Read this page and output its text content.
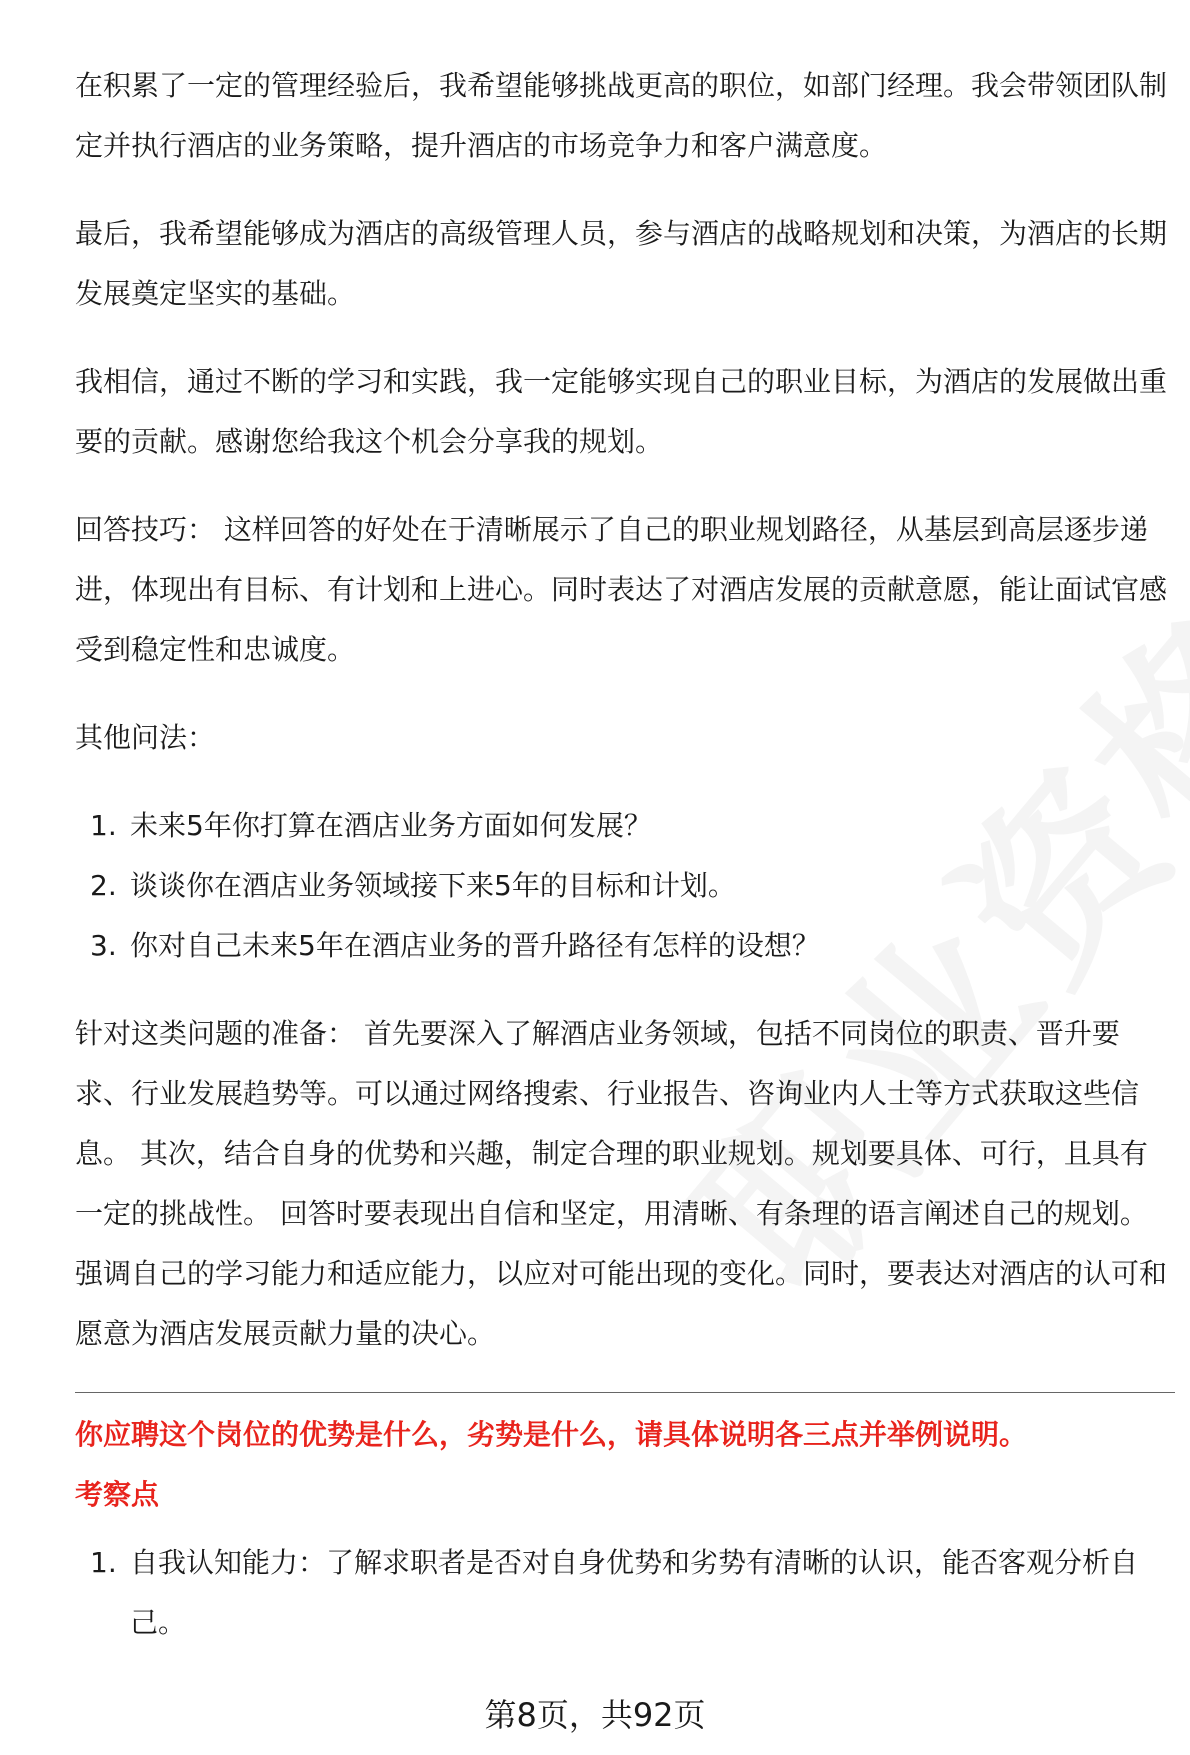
在积累了一定的管理经验后，我希望能够挑战更高的职位，如部门经理。我会带领团队制定并执行酒店的业务策略，提升酒店的市场竞争力和客户满意度。

最后，我希望能够成为酒店的高级管理人员，参与酒店的战略规划和决策，为酒店的长期发展奠定坚实的基础。

我相信，通过不断的学习和实践，我一定能够实现自己的职业目标，为酒店的发展做出重要的贡献。感谢您给我这个机会分享我的规划。

回答技巧： 这样回答的好处在于清晰展示了自己的职业规划路径，从基层到高层逐步递进，体现出有目标、有计划和上进心。同时表达了对酒店发展的贡献意愿，能让面试官感受到稳定性和忠诚度。

其他问法：

1. 未来5年你打算在酒店业务方面如何发展？
2. 谈谈你在酒店业务领域接下来5年的目标和计划。
3. 你对自己未来5年在酒店业务的晋升路径有怎样的设想？

针对这类问题的准备： 首先要深入了解酒店业务领域，包括不同岗位的职责、晋升要求、行业发展趋势等。可以通过网络搜索、行业报告、咨询业内人士等方式获取这些信息。 其次，结合自身的优势和兴趣，制定合理的职业规划。规划要具体、可行，且具有一定的挑战性。 回答时要表现出自信和坚定，用清晰、有条理的语言阐述自己的规划。强调自己的学习能力和适应能力，以应对可能出现的变化。同时，要表达对酒店的认可和愿意为酒店发展贡献力量的决心。

你应聘这个岗位的优势是什么，劣势是什么，请具体说明各三点并举例说明。

考察点

1. 自我认知能力：了解求职者是否对自身优势和劣势有清晰的认识，能否客观分析自己。
第8页，共92页
